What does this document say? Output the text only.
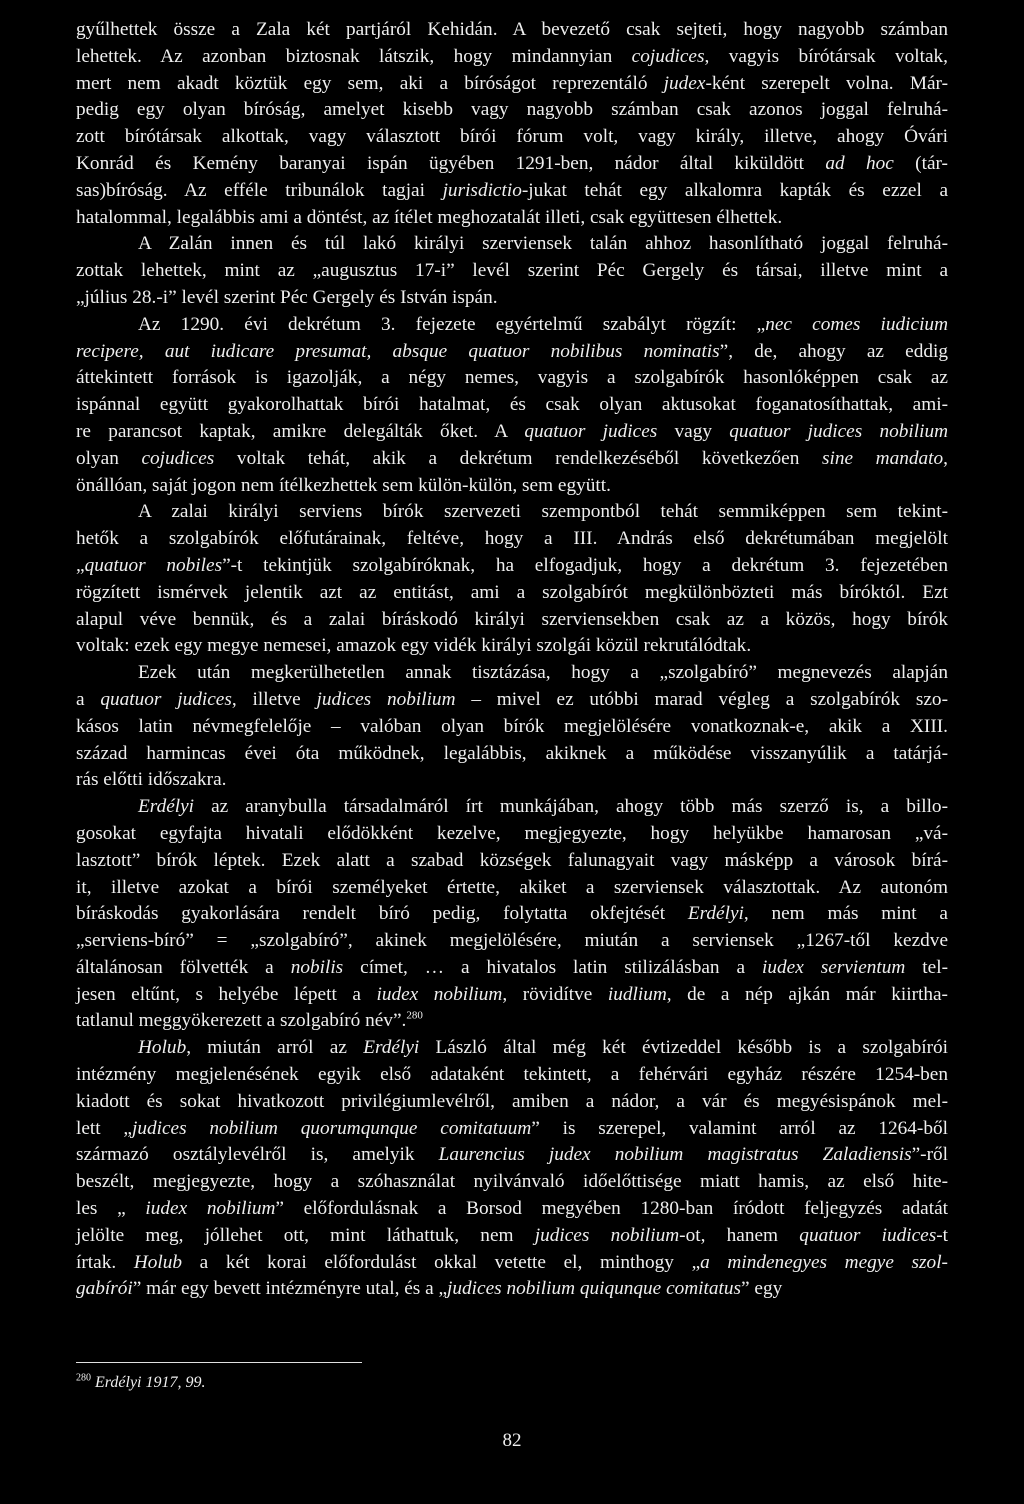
gyűlhettek össze a Zala két partjáról Kehidán. A bevezető csak sejteti, hogy nagyobb számban
lehettek. Az azonban biztosnak látszik, hogy mindannyian cojudices, vagyis bírótársak voltak,
mert nem akadt köztük egy sem, aki a bíróságot reprezentáló judex-ként szerepelt volna. Már-
pedig egy olyan bíróság, amelyet kisebb vagy nagyobb számban csak azonos joggal felruhá-
zott bírótársak alkottak, vagy választott bírói fórum volt, vagy király, illetve, ahogy Óvári
Konrád és Kemény baranyai ispán ügyében 1291-ben, nádor által kiküldött ad hoc (tár-
sas)bíróság. Az efféle tribunálok tagjai jurisdictio-jukat tehát egy alkalomra kapták és ezzel a
hatalommal, legalábbis ami a döntést, az ítélet meghozatalát illeti, csak együttesen élhettek.
A Zalán innen és túl lakó királyi szerviensek talán ahhoz hasonlítható joggal felruhá-
zottak lehettek, mint az „augusztus 17-i” levél szerint Péc Gergely és társai, illetve mint a
„július 28.-i” levél szerint Péc Gergely és István ispán.
Az 1290. évi dekrétum 3. fejezete egyértelmű szabályt rögzít: „nec comes iudicium
recipere, aut iudicare presumat, absque quatuor nobilibus nominatis”, de, ahogy az eddig
áttekintett források is igazolják, a négy nemes, vagyis a szolgabírók hasonlóképpen csak az
ispánnal együtt gyakorolhattak bírói hatalmat, és csak olyan aktusokat foganatosíthattak, ami-
re parancsot kaptak, amikre delegálták őket. A quatuor judices vagy quatuor judices nobilium
olyan cojudices voltak tehát, akik a dekrétum rendelkezéséből következően sine mandato,
önállóan, saját jogon nem ítélkezhettek sem külön-külön, sem együtt.
A zalai királyi serviens bírók szervezeti szempontból tehát semmiképpen sem tekint-
hetők a szolgabírók előfutárainak, feltéve, hogy a III. András első dekrétumában megjelölt
„quatuor nobiles”-t tekintjük szolgabíróknak, ha elfogadjuk, hogy a dekrétum 3. fejezetében
rögzített ismérvek jelentik azt az entitást, ami a szolgabírót megkülönbözteti más bíróktól. Ezt
alapul véve bennük, és a zalai bíráskodó királyi szerviensekben csak az a közös, hogy bírók
voltak: ezek egy megye nemesei, amazok egy vidék királyi szolgái közül rekrutálódtak.
Ezek után megkerülhetetlen annak tisztázása, hogy a „szolgabíró” megnevezés alapján
a quatuor judices, illetve judices nobilium – mivel ez utóbbi marad végleg a szolgabírók szo-
kásos latin névmegfelelője – valóban olyan bírók megjelölésére vonatkoznak-e, akik a XIII.
század harmincas évei óta működnek, legalábbis, akiknek a működése visszanyúlik a tatárjá-
rás előtti időszakra.
Erdélyi az aranybulla társadalmáról írt munkájában, ahogy több más szerző is, a billo-
gosokat egyfajta hivatali elődökként kezelve, megjegyezte, hogy helyükbe hamarosan „vá-
lasztott” bírók léptek. Ezek alatt a szabad községek falunagyait vagy másképp a városok bírá-
it, illetve azokat a bírói személyeket értette, akiket a szerviensek választottak. Az autonóm
bíráskodás gyakorlására rendelt bíró pedig, folytatta okfejtését Erdélyi, nem más mint a
„serviens-bíró” = „szolgabíró”, akinek megjelölésére, miután a serviensek „1267-től kezdve
általánosan fölvették a nobilis címet, … a hivatalos latin stilizálásban a iudex servientum tel-
jesen eltűnt, s helyébe lépett a iudex nobilium, rövidítve iudlium, de a nép ajkán már kiirtha-
tatlanul meggyökerezett a szolgabíró név”.$^{280}$
Holub, miután arról az Erdélyi László által még két évtizeddel később is a szolgabírói
intézmény megjelenésének egyik első adataként tekintett, a fehérvári egyház részére 1254-ben
kiadott és sokat hivatkozott privilégiumlevélről, amiben a nádor, a vár és megyésispánok mel-
lett „judices nobilium quorumqunque comitatuum” is szerepel, valamint arról az 1264-ből
származó osztálylevélről is, amelyik Laurencius judex nobilium magistratus Zaladiensis”-ről
beszélt, megjegyezte, hogy a szóhasználat nyilvánvaló időelőttisége miatt hamis, az első hite-
les „ iudex nobilium” előfordulásnak a Borsod megyében 1280-ban íródott feljegyzés adatát
jelölte meg, jóllehet ott, mint láthattuk, nem judices nobilium-ot, hanem quatuor iudices-t
írtak. Holub a két korai előfordulást okkal vetette el, minthogy „a mindenegyes megye szol-
gabírói” már egy bevett intézményre utal, és a „judices nobilium quiqunque comitatus” egy
$^{280}$ Erdélyi 1917, 99.
82
